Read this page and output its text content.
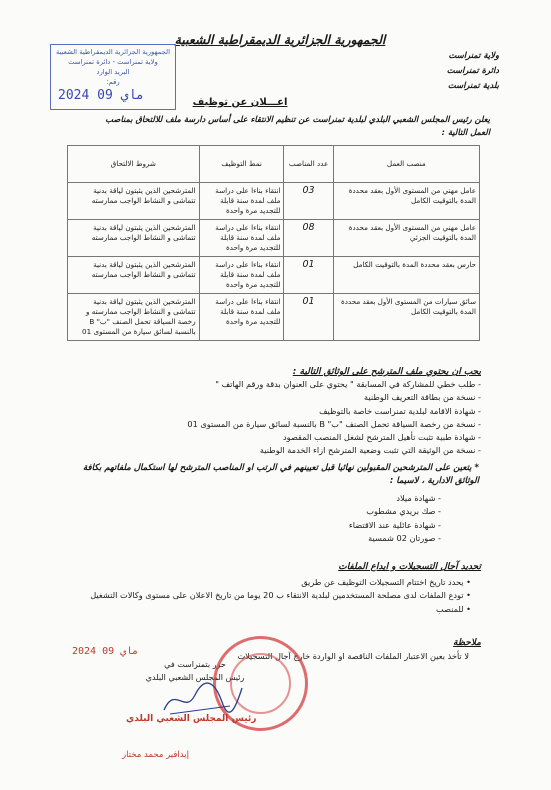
الجمهورية الجزائرية الديمقراطية الشعبية
الجمهورية الجزائرية الديمقراطية الشعبية
ولاية تمنراست - دائرة تمنراست
البريد الوارد
رقم:
2024 ماي 09
ولاية تمنراست
دائرة تمنراست
بلدية تمنراست
اعـــلان عن توظيف
يعلن رئيس المجلس الشعبي البلدي لبلدية تمنراست عن تنظيم الانتقاء على أساس دارسة ملف للالتحاق بمناصب العمل التالية :
منصب العمل	عدد المناصب	نمط التوظيف	شروط الالتحاق
عامل مهني من المستوى الأول بعقد محددة المدة بالتوقيت الكامل	03	انتقاء بناءا على دراسة ملف لمدة سنة قابلة للتجديد مرة واحدة	المترشحين الذين يثبتون لياقة بدنية تتماشى و النشاط الواجب ممارسته
عامل مهني من المستوى الأول بعقد محددة المدة بالتوقيت الجزئي	08	انتقاء بناءا على دراسة ملف لمدة سنة قابلة للتجديد مرة واحدة	المترشحين الذين يثبتون لياقة بدنية تتماشى و النشاط الواجب ممارسته
حارس بعقد محددة المدة بالتوقيت الكامل	01	انتقاء بناءا على دراسة ملف لمدة سنة قابلة للتجديد مرة واحدة	المترشحين الذين يثبتون لياقة بدنية تتماشى و النشاط الواجب ممارسته
سائق سيارات من المستوى الأول بعقد محددة المدة بالتوقيت الكامل	01	انتقاء بناءا على دراسة ملف لمدة سنة قابلة للتجديد مرة واحدة	المترشحين الذين يثبتون لياقة بدنية تتماشى و النشاط الواجب ممارسته و رخصة السياقة تحمل الصنف "ب" B بالنسبة لسائق سيارة من المستوى 01
يجب ان يحتوي ملف المترشح على الوثائق التالية :
- طلب خطي للمشاركة في المسابقة " يحتوي على العنوان بدقة ورقم الهاتف "
- نسخة من بطاقة التعريف الوطنية
- شهادة الاقامة لبلدية تمنراست خاصة بالتوظيف
- نسخة من رخصة السياقة تحمل الصنف "ب" B بالنسبة لسائق سيارة من المستوى 01
- شهادة طبية تثبت تأهيل المترشح لشغل المنصب المقصود
- نسخة من الوثيقة التي تثبت وضعية المترشح ازاء الخدمة الوطنية
* يتعين على المترشحين المقبولين نهائيا قبل تعيينهم في الرتب او المناصب المترشح لها استكمال ملفاتهم بكافة الوثائق الادارية ، لاسيما :
- شهادة ميلاد
- صك بريدي مشطوب
- شهادة عائلية عند الاقتضاء
- صورتان 02 شمسية
تحديد آجال التسجيلات و ايداع الملفات
• يحدد تاريخ اختتام التسجيلات التوظيف عن طريق
• تودع الملفات لدى مصلحة المستخدمين لبلدية الانتقاء ب 20 يوما من تاريخ الاعلان على مستوى وكالات التشغيل
• للمنصب
ملاحظة
لا تأخذ بعين الاعتبار الملفات الناقصة او الواردة خارج آجال التسجيلات
2024 ماي 09
حرر بتمنراست في
رئيس المجلس الشعبي البلدي
رئيس المجلس الشعبي البلدي
إيدافير محمد مختار
